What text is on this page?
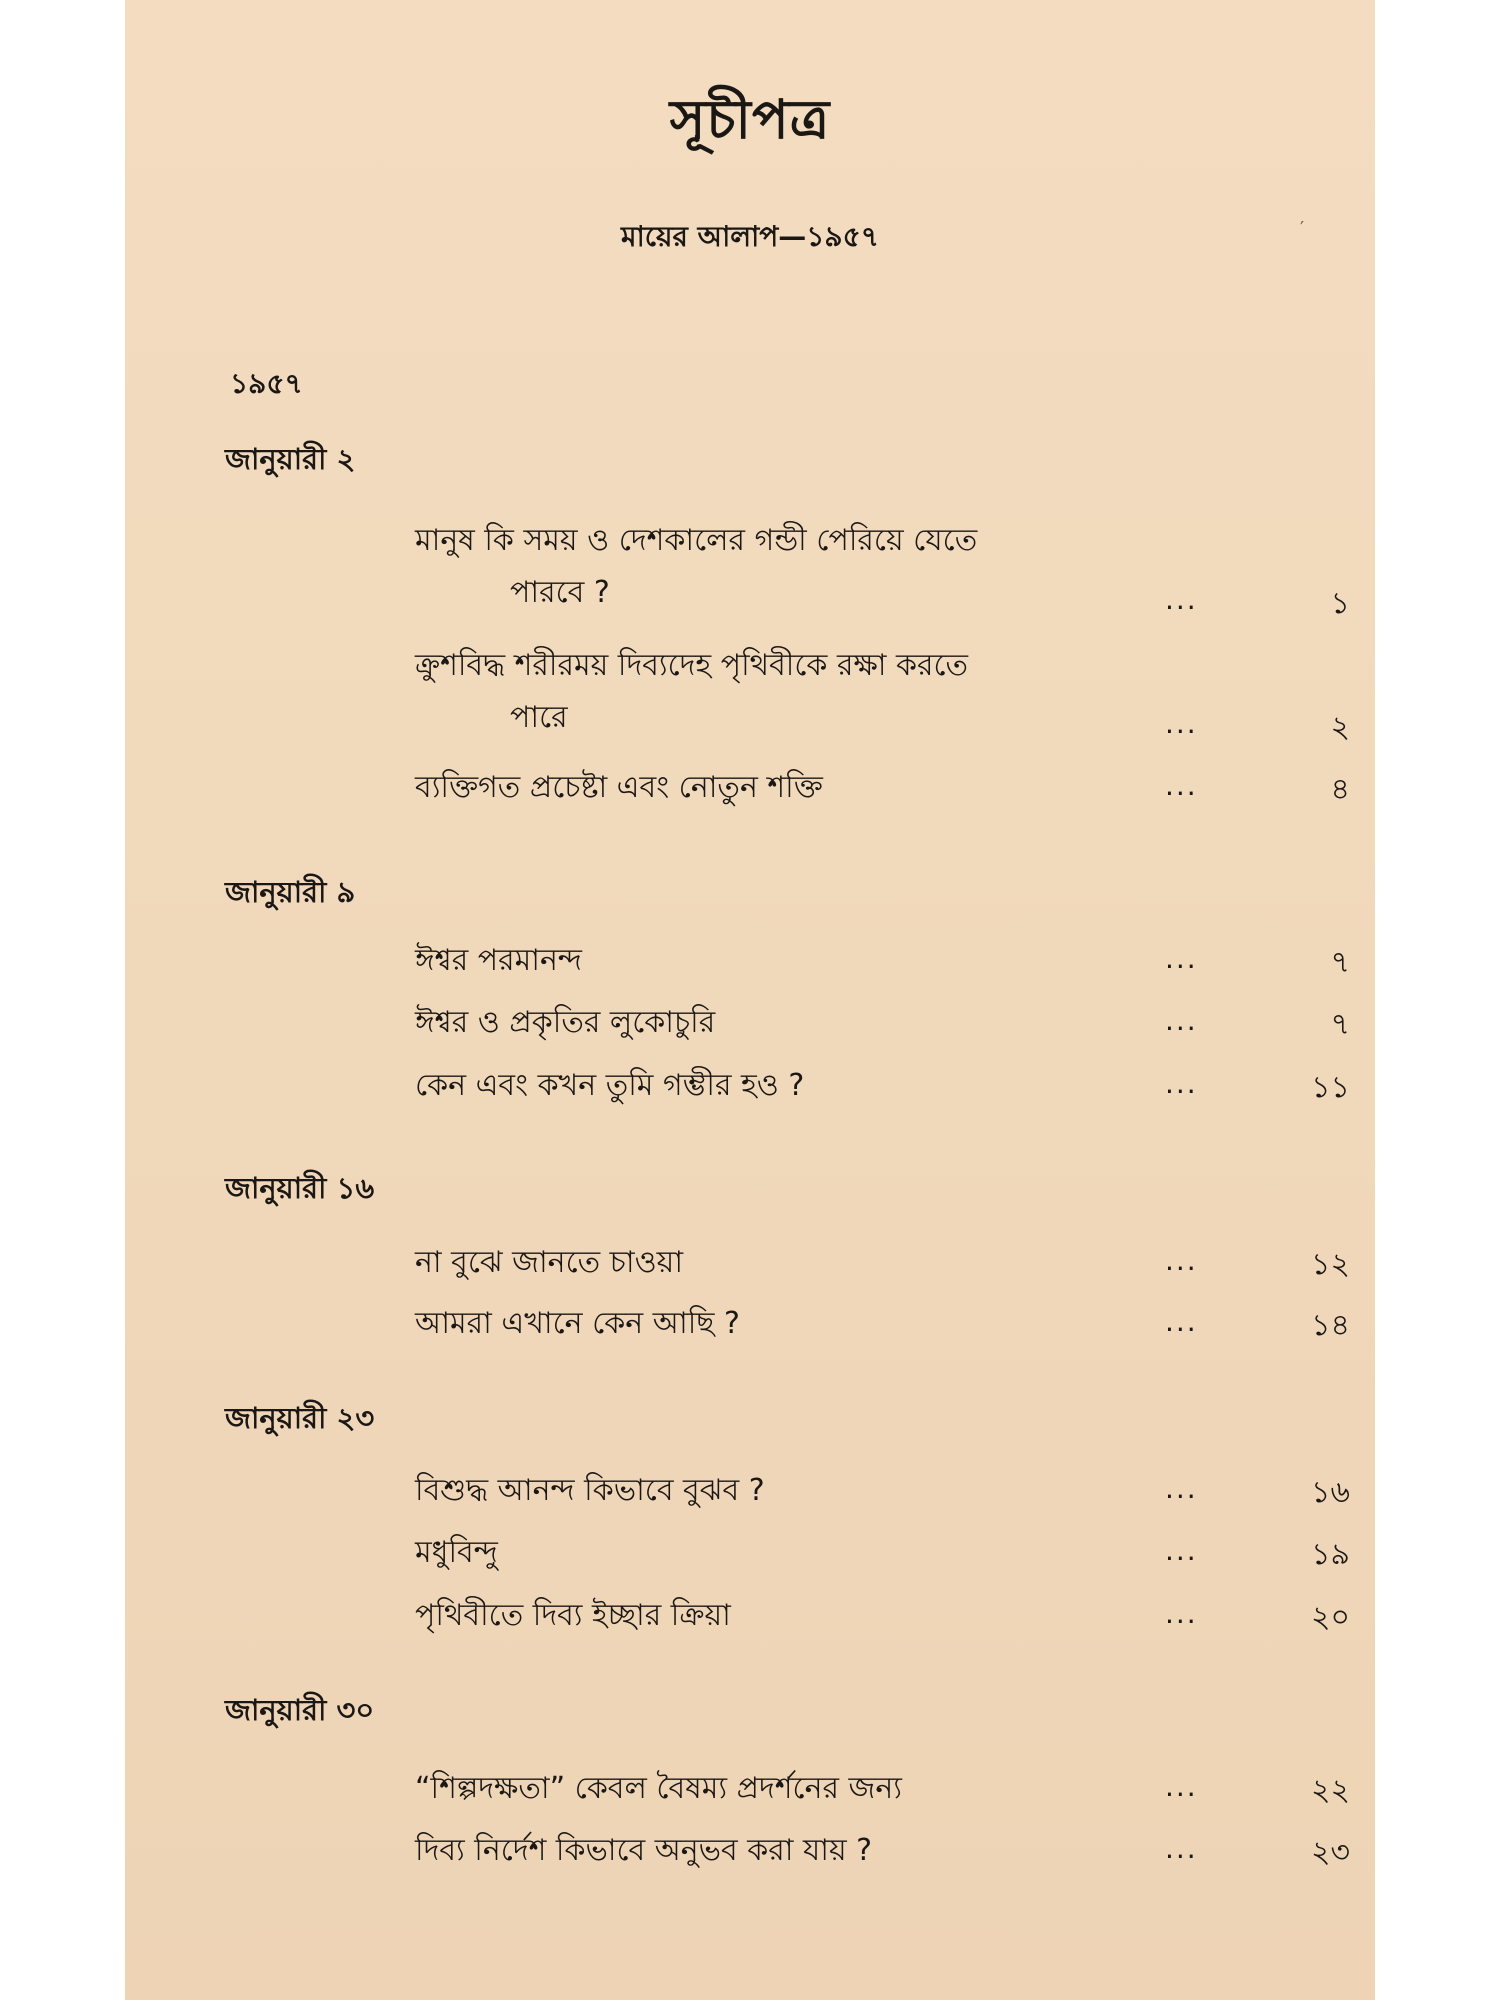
সূচীপত্র
মায়ের আলাপ—১৯৫৭	′
১৯৫৭
জানুয়ারী ২
মানুষ কি সময় ও দেশকালের গন্ডী পেরিয়ে যেতে
পারবে ?	...	১
ক্রুশবিদ্ধ শরীরময় দিব্যদেহ পৃথিবীকে রক্ষা করতে
পারে	...	২
ব্যক্তিগত প্রচেষ্টা এবং নোতুন শক্তি	...	৪
জানুয়ারী ৯
ঈশ্বর পরমানন্দ	...	৭
ঈশ্বর ও প্রকৃতির লুকোচুরি	...	৭
কেন এবং কখন তুমি গম্ভীর হও ?	...	১১
জানুয়ারী ১৬
না বুঝে জানতে চাওয়া	...	১২
আমরা এখানে কেন আছি ?	...	১৪
জানুয়ারী ২৩
বিশুদ্ধ আনন্দ কিভাবে বুঝব ?	...	১৬
মধুবিন্দু	...	১৯
পৃথিবীতে দিব্য ইচ্ছার ক্রিয়া	...	২০
জানুয়ারী ৩০
“শিল্পদক্ষতা” কেবল বৈষম্য প্রদর্শনের জন্য	...	২২
দিব্য নির্দেশ কিভাবে অনুভব করা যায় ?	...	২৩
